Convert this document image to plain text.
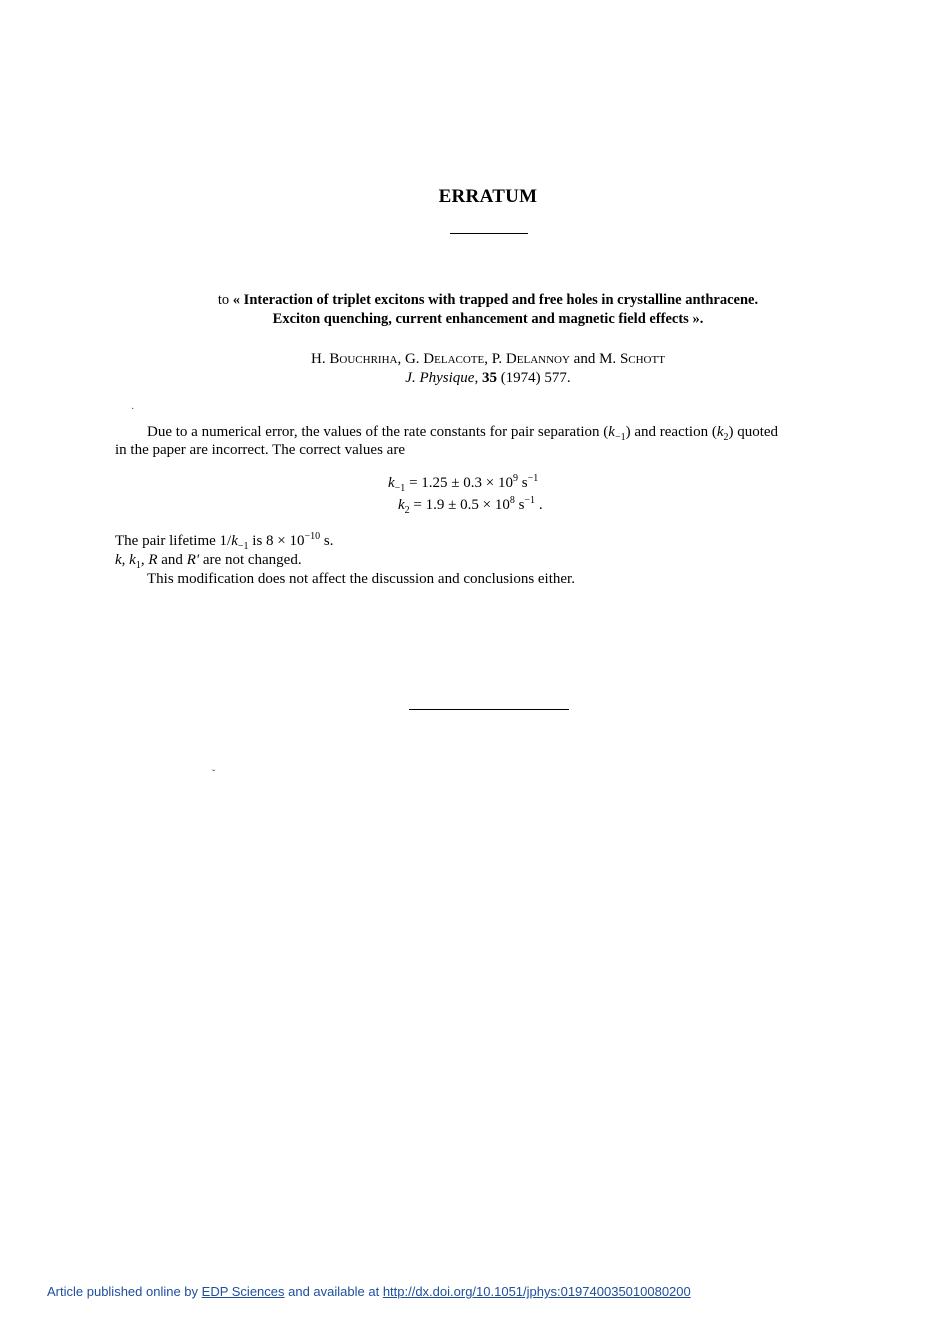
ERRATUM
to « Interaction of triplet excitons with trapped and free holes in crystalline anthracene.
Exciton quenching, current enhancement and magnetic field effects ».
H. Bouchriha, G. Delacote, P. Delannoy and M. Schott
J. Physique, 35 (1974) 577.
·
Due to a numerical error, the values of the rate constants for pair separation $(k_{-1})$ and reaction $(k_2)$ quoted
in the paper are incorrect. The correct values are
$k_{-1} = 1.25 \pm 0.3 \times 10^9$ $s^{-1}$
$k_2 = 1.9 \pm 0.5 \times 10^8$ $s^{-1}$ .
The pair lifetime $1/k_{-1}$ is $8 \times 10^{-10}$ s.
k, $k_1$, R and R′ are not changed.
This modification does not affect the discussion and conclusions either.
ˇ
Article published online by EDP Sciences and available at http://dx.doi.org/10.1051/jphys:019740035010080200
